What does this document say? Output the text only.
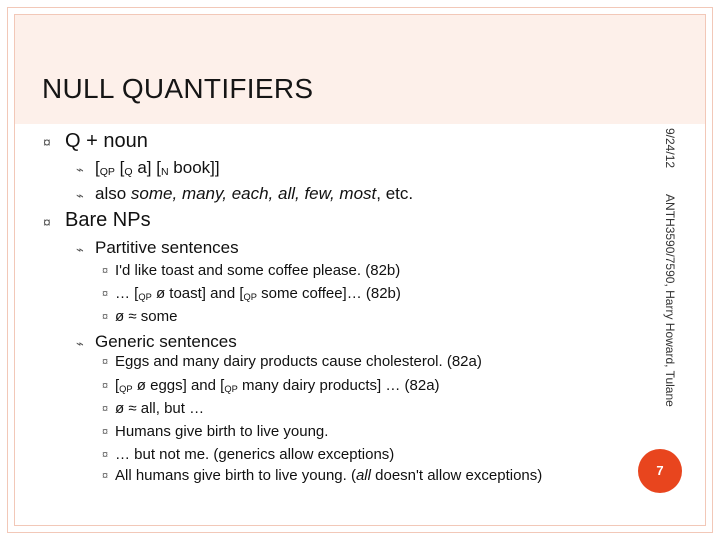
NULL QUANTIFIERS
¤ Q + noun
⌁ [$_{QP}$ [$_Q$ a] [$_N$ book]]
⌁ also some, many, each, all, few, most, etc.
¤ Bare NPs
⌁ Partitive sentences
¤ I'd like toast and some coffee please. (82b)
¤ … [$_{QP}$ ø toast] and [$_{QP}$ some coffee]… (82b)
¤ ø ≈ some
⌁ Generic sentences
¤ Eggs and many dairy products cause cholesterol. (82a)
¤ [$_{QP}$ ø eggs] and [$_{QP}$ many dairy products] … (82a)
¤ ø ≈ all, but …
¤ Humans give birth to live young.
¤ … but not me. (generics allow exceptions)
¤ All humans give birth to live young. (all doesn't allow exceptions)
9/24/12ANTH3590/7590, Harry Howard, Tulane
7
